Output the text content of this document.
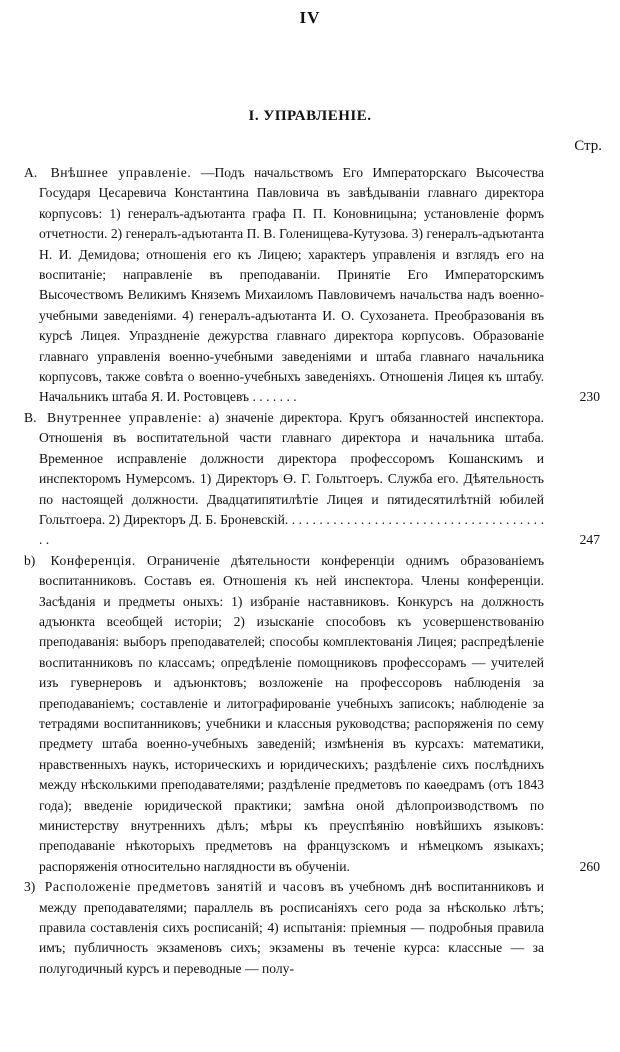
IV
I. УПРАВЛЕНIЕ.
Стр.
А. Внѣшнее управленiе. —Подъ начальствомъ Его Императорскаго Высочества Государя Цесаревича Константина Павловича въ завѣдываніи главнаго директора корпусовъ: 1) генералъ-адъютанта графа П. П. Коновницына; установленіе формъ отчетности. 2) генералъ-адъютанта П. В. Голенищева-Кутузова. 3) генералъ-адъютанта Н. И. Демидова; отношенія его къ Лицею; характеръ управленія и взглядъ его на воспитаніе; направленіе въ преподаваніи. Принятіе Его Императорскимъ Высочествомъ Великимъ Княземъ Михаиломъ Павловичемъ начальства надъ военно-учебными заведеніями. 4) генералъ-адъютанта И. О. Сухозанета. Преобразованія въ курсѣ Лицея. Упраздненіе дежурства главнаго директора корпусовъ. Образованіе главнаго управленія военно-учебными заведеніями и штаба главнаго начальника корпусовъ, также совѣта о военно-учебныхъ заведеніяхъ. Отношенія Лицея къ штабу. Начальникъ штаба Я. И. Ростовцевъ . . . . . . .	230
В. Внутреннее управленіе: а) значеніе директора. Кругъ обязанностей инспектора. Отношенія въ воспитательной части главнаго директора и начальника штаба. Временное исправленіе должности директора профессоромъ Кошанскимъ и инспекторомъ Нумерсомъ. 1) Директоръ Ө. Г. Гольтгоеръ. Служба его. Дѣятельность по настоящей должности. Двадцатипятилѣтіе Лицея и пятидесятилѣтній юбилей Гольтгоера. 2) Директоръ Д. Б. Броневскій. . . . . . . . . . . . . . . . . . . . . . . . . . . . . . . . . . . . . . . .	247
b) Конференція. Ограниченіе дѣятельности конференціи однимъ образованіемъ воспитанниковъ. Составъ ея. Отношенія къ ней инспектора. Члены конференціи. Засѣданія и предметы оныхъ: 1) избраніе наставниковъ. Конкурсъ на должность адъюнкта всеобщей исторіи; 2) изысканіе способовъ къ усовершенствованію преподаванія: выборъ преподавателей; способы комплектованія Лицея; распредѣленіе воспитанниковъ по классамъ; опредѣленіе помощниковъ профессорамъ — учителей изъ гувернеровъ и адъюнктовъ; возложеніе на профессоровъ наблюденія за преподаваніемъ; составленіе и литографированіе учебныхъ записокъ; наблюденіе за тетрадями воспитанниковъ; учебники и классныя руководства; распоряженія по сему предмету штаба военно-учебныхъ заведеній; измѣненія въ курсахъ: математики, нравственныхъ наукъ, историческихъ и юридическихъ; раздѣленіе сихъ послѣднихъ между нѣсколькими преподавателями; раздѣленіе предметовъ по каѳедрамъ (отъ 1843 года); введеніе юридической практики; замѣна оной дѣлопроизводствомъ по министерству внутреннихъ дѣлъ; мѣры къ преуспѣянію новѣйшихъ языковъ: преподаваніе нѣкоторыхъ предметовъ на французскомъ и нѣмецкомъ языкахъ; распоряженія относительно наглядности въ обученіи.	260
3) Расположеніе предметовъ занятій и часовъ въ учебномъ днѣ воспитанниковъ и между преподавателями; параллель въ росписаніяхъ сего рода за нѣсколько лѣтъ; правила составленія сихъ росписаній; 4) испытанія: пріемныя — подробныя правила имъ; публичность экзаменовъ сихъ; экзамены въ теченіе курса: классные — за полугодичный курсъ и переводные — полу-
